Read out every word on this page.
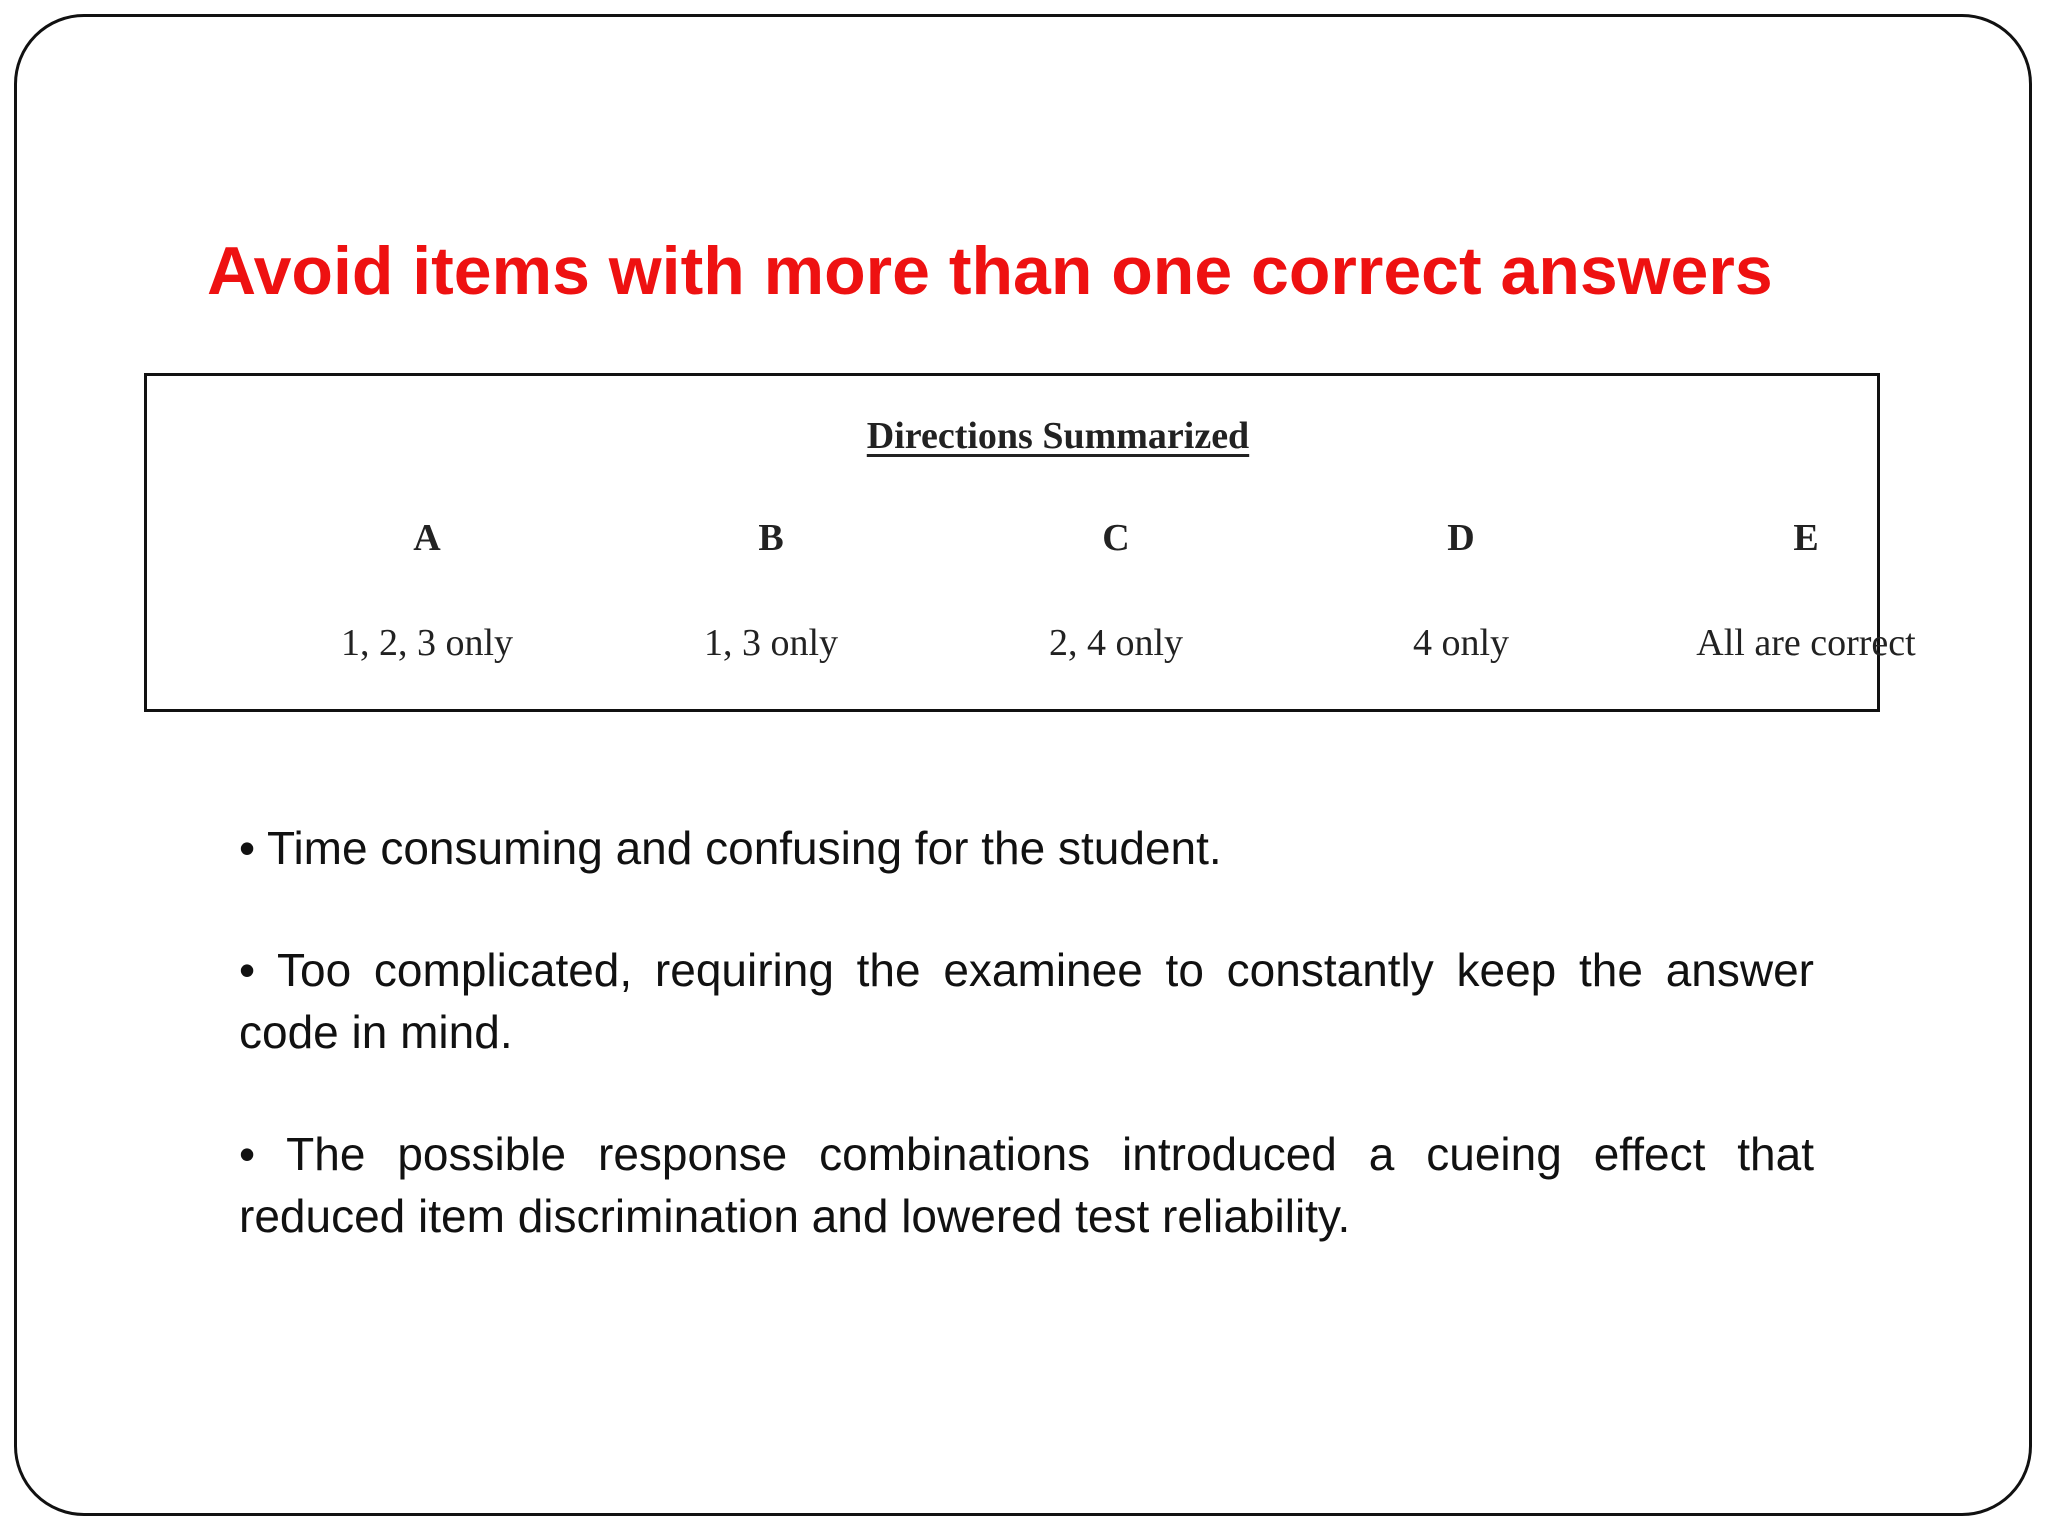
Avoid items with more than one correct answers
Directions Summarized
A
1, 2, 3 only
B
1, 3 only
C
2, 4 only
D
4 only
E
All are correct

• Time consuming and confusing for the student.

• Too complicated, requiring the examinee to constantly keep the answer code in mind.

• The possible response combinations introduced a cueing effect that reduced item discrimination and lowered test reliability.
